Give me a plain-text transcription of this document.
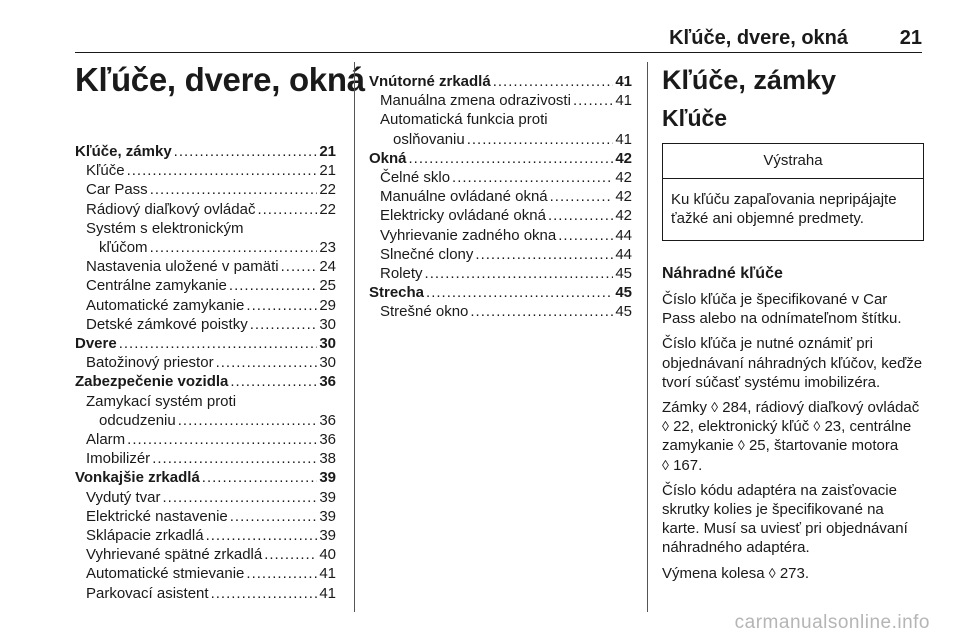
Kľúče, dvere, okná	21
Kľúče, dvere, okná
Kľúče, zámky .....	21
Kľúče .....	21
Car Pass .....	22
Rádiový diaľkový ovládač .....	22
Systém s elektronickým
kľúčom .....	23
Nastavenia uložené v pamäti .....	24
Centrálne zamykanie .....	25
Automatické zamykanie .....	29
Detské zámkové poistky .....	30
Dvere .....	30
Batožinový priestor .....	30
Zabezpečenie vozidla .....	36
Zamykací systém proti
odcudzeniu .....	36
Alarm .....	36
Imobilizér .....	38
Vonkajšie zrkadlá .....	39
Vydutý tvar .....	39
Elektrické nastavenie .....	39
Sklápacie zrkadlá .....	39
Vyhrievané spätné zrkadlá .....	40
Automatické stmievanie .....	41
Parkovací asistent .....	41
Vnútorné zrkadlá .....	41
Manuálna zmena odrazivosti .....	41
Automatická funkcia proti
oslňovaniu .....	41
Okná .....	42
Čelné sklo .....	42
Manuálne ovládané okná .....	42
Elektricky ovládané okná .....	42
Vyhrievanie zadného okna .....	44
Slnečné clony .....	44
Rolety .....	45
Strecha .....	45
Strešné okno .....	45
Kľúče, zámky
Kľúče
Výstraha
Ku kľúču zapaľovania nepripájajte ťažké ani objemné predmety.
Náhradné kľúče
Číslo kľúča je špecifikované v Car Pass alebo na odnímateľnom štítku.
Číslo kľúča je nutné oznámiť pri objednávaní náhradných kľúčov, keďže tvorí súčasť systému imobilizéra.
Zámky ◊ 284, rádiový diaľkový ovládač ◊ 22, elektronický kľúč ◊ 23, centrálne zamykanie ◊ 25, štartovanie motora ◊ 167.
Číslo kódu adaptéra na zaisťovacie skrutky kolies je špecifikované na karte. Musí sa uviesť pri objednávaní náhradného adaptéra.
Výmena kolesa ◊ 273.
carmanualsonline.info
